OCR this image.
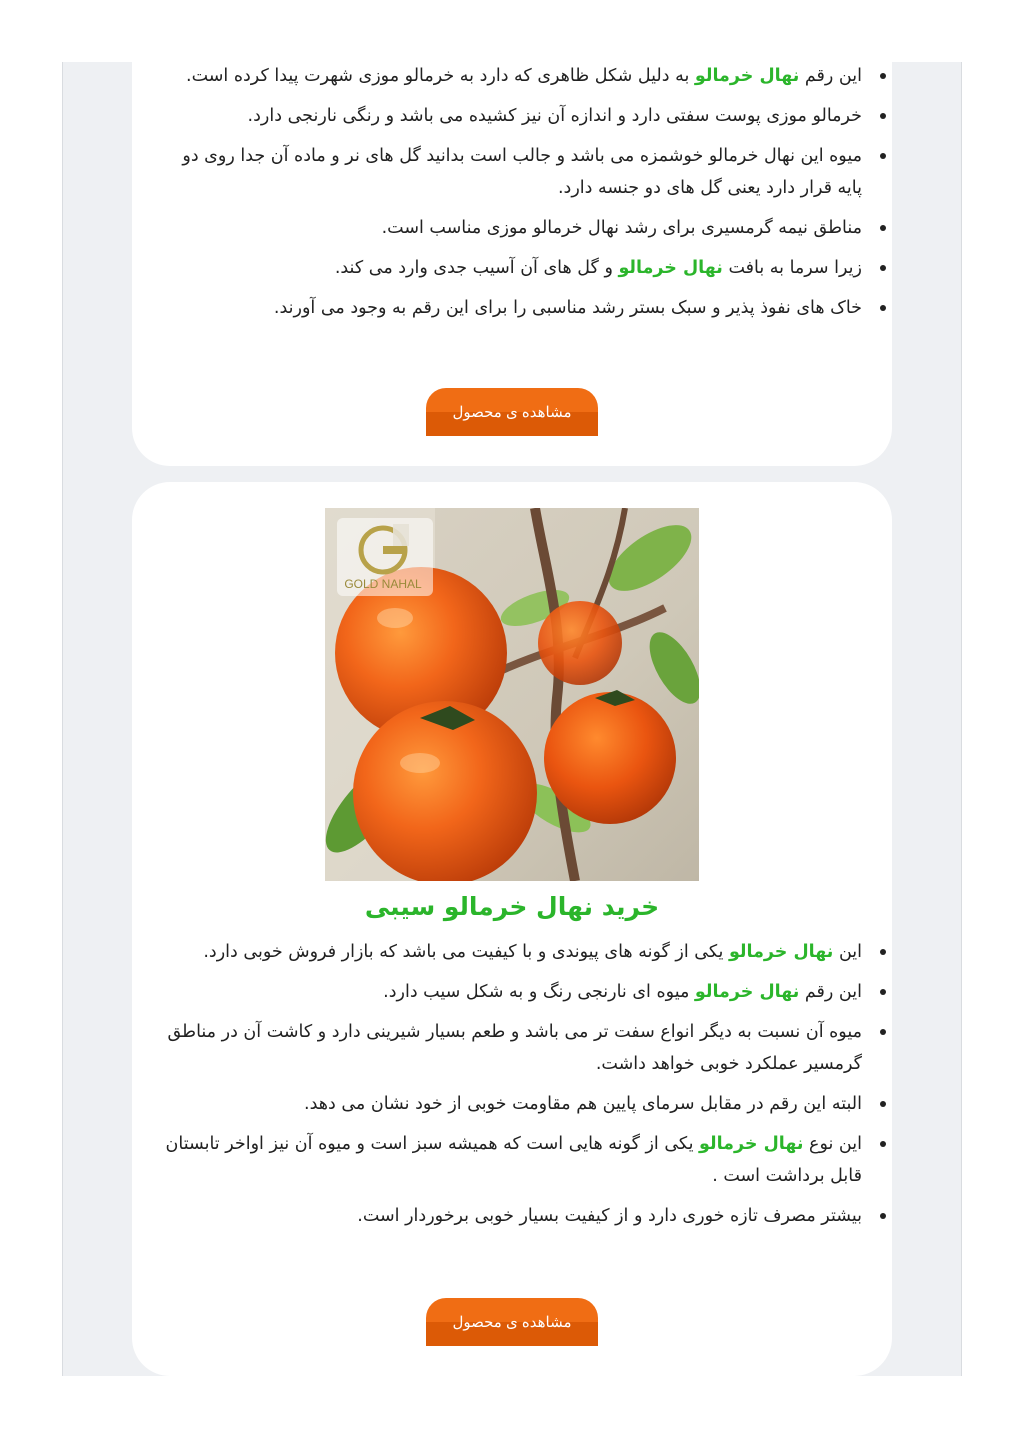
این رقم نهال خرمالو به دلیل شکل ظاهری که دارد به خرمالو موزی شهرت پیدا کرده است.
خرمالو موزی پوست سفتی دارد و اندازه آن نیز کشیده می باشد و رنگی نارنجی دارد.
میوه این نهال خرمالو خوشمزه می باشد و جالب است بدانید گل های نر و ماده آن جدا روی دو پایه قرار دارد یعنی گل های دو جنسه دارد.
مناطق نیمه گرمسیری برای رشد نهال خرمالو موزی مناسب است.
زیرا سرما به بافت نهال خرمالو و گل های آن آسیب جدی وارد می کند.
خاک های نفوذ پذیر و سبک بستر رشد مناسبی را برای این رقم به وجود می آورند.
مشاهده ی محصول
GOLD NAHAL
خرید نهال خرمالو سیبی
این نهال خرمالو یکی از گونه های پیوندی و با کیفیت می باشد که بازار فروش خوبی دارد.
این رقم نهال خرمالو میوه ای نارنجی رنگ و به شکل سیب دارد.
میوه آن نسبت به دیگر انواع سفت تر می باشد و طعم بسیار شیرینی دارد و کاشت آن در مناطق گرمسیر عملکرد خوبی خواهد داشت.
البته این رقم در مقابل سرمای پایین هم مقاومت خوبی از خود نشان می دهد.
این نوع نهال خرمالو یکی از گونه هایی است که همیشه سبز است و میوه آن نیز اواخر تابستان قابل برداشت است .
بیشتر مصرف تازه خوری دارد و از کیفیت بسیار خوبی برخوردار است.
مشاهده ی محصول
